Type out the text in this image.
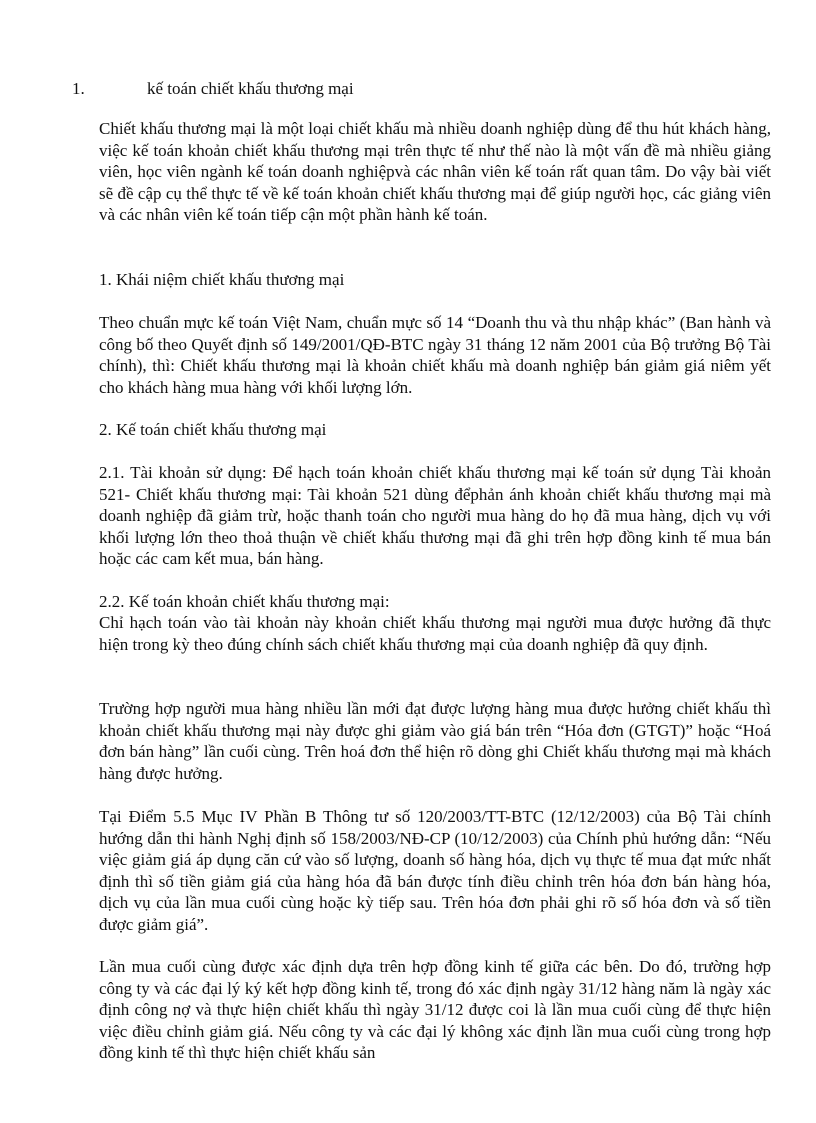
1.	kế toán chiết khấu thương mại

Chiết khấu thương mại là một loại chiết khấu mà nhiều doanh nghiệp dùng để thu hút khách hàng, việc kế toán khoản chiết khấu thương mại trên thực tế như thế nào là một vấn đề mà nhiều giảng viên, học viên ngành kế toán doanh nghiệpvà các nhân viên kế toán rất quan tâm. Do vậy bài viết sẽ đề cập cụ thể thực tế về kế toán khoản chiết khấu thương mại để giúp người học, các giảng viên và các nhân viên kế toán tiếp cận một phần hành kế toán.

1. Khái niệm chiết khấu thương mại

Theo chuẩn mực kế toán Việt Nam, chuẩn mực số 14 “Doanh thu và thu nhập khác” (Ban hành và công bố theo Quyết định số 149/2001/QĐ-BTC ngày 31 tháng 12 năm 2001 của Bộ trưởng Bộ Tài chính), thì: Chiết khấu thương mại là khoản chiết khấu mà doanh nghiệp bán giảm giá niêm yết cho khách hàng mua hàng với khối lượng lớn.

2. Kế toán chiết khấu thương mại

2.1. Tài khoản sử dụng: Để hạch toán khoản chiết khấu thương mại kế toán sử dụng Tài khoản 521- Chiết khấu thương mại: Tài khoản 521 dùng đểphản ánh khoản chiết khấu thương mại mà doanh nghiệp đã giảm trừ, hoặc thanh toán cho người mua hàng do họ đã mua hàng, dịch vụ với khối lượng lớn theo thoả thuận về chiết khấu thương mại đã ghi trên hợp đồng kinh tế mua bán hoặc các cam kết mua, bán hàng.

2.2. Kế toán khoản chiết khấu thương mại:

Chỉ hạch toán vào tài khoản này khoản chiết khấu thương mại người mua được hưởng đã thực hiện trong kỳ theo đúng chính sách chiết khấu thương mại của doanh nghiệp đã quy định.

Trường hợp người mua hàng nhiều lần mới đạt được lượng hàng mua được hưởng chiết khấu thì khoản chiết khấu thương mại này được ghi giảm vào giá bán trên “Hóa đơn (GTGT)” hoặc “Hoá đơn bán hàng” lần cuối cùng. Trên hoá đơn thể hiện rõ dòng ghi Chiết khấu thương mại mà khách hàng được hưởng.

Tại Điểm 5.5 Mục IV Phần B Thông tư số 120/2003/TT-BTC (12/12/2003) của Bộ Tài chính hướng dẫn thi hành Nghị định số 158/2003/NĐ-CP (10/12/2003) của Chính phủ hướng dẫn: “Nếu việc giảm giá áp dụng căn cứ vào số lượng, doanh số hàng hóa, dịch vụ thực tế mua đạt mức nhất định thì số tiền giảm giá của hàng hóa đã bán được tính điều chỉnh trên hóa đơn bán hàng hóa, dịch vụ của lần mua cuối cùng hoặc kỳ tiếp sau. Trên hóa đơn phải ghi rõ số hóa đơn và số tiền được giảm giá”.

Lần mua cuối cùng được xác định dựa trên hợp đồng kinh tế giữa các bên. Do đó, trường hợp công ty và các đại lý ký kết hợp đồng kinh tế, trong đó xác định ngày 31/12 hàng năm là ngày xác định công nợ và thực hiện chiết khấu thì ngày 31/12 được coi là lần mua cuối cùng để thực hiện việc điều chỉnh giảm giá. Nếu công ty và các đại lý không xác định lần mua cuối cùng trong hợp đồng kinh tế thì thực hiện chiết khấu sản
